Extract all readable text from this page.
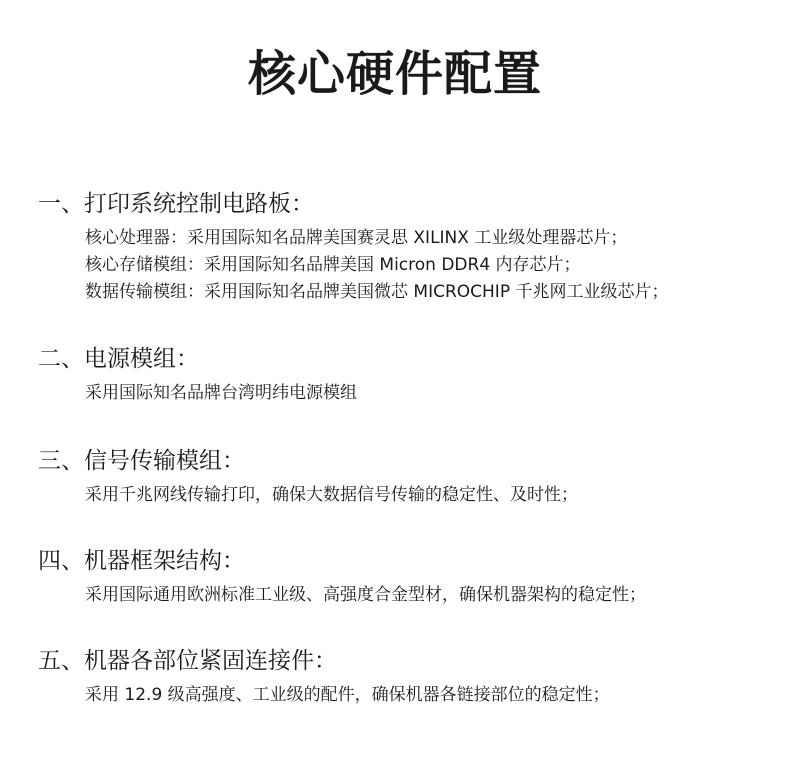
核心硬件配置
一、打印系统控制电路板：
核心处理器：采用国际知名品牌美国赛灵思 XILINX 工业级处理器芯片；
核心存储模组：采用国际知名品牌美国 Micron DDR4 内存芯片；
数据传输模组：采用国际知名品牌美国微芯 MICROCHIP 千兆网工业级芯片；
二、电源模组：
采用国际知名品牌台湾明纬电源模组
三、信号传输模组：
采用千兆网线传输打印，确保大数据信号传输的稳定性、及时性；
四、机器框架结构：
采用国际通用欧洲标准工业级、高强度合金型材，确保机器架构的稳定性；
五、机器各部位紧固连接件：
采用 12.9 级高强度、工业级的配件，确保机器各链接部位的稳定性；
